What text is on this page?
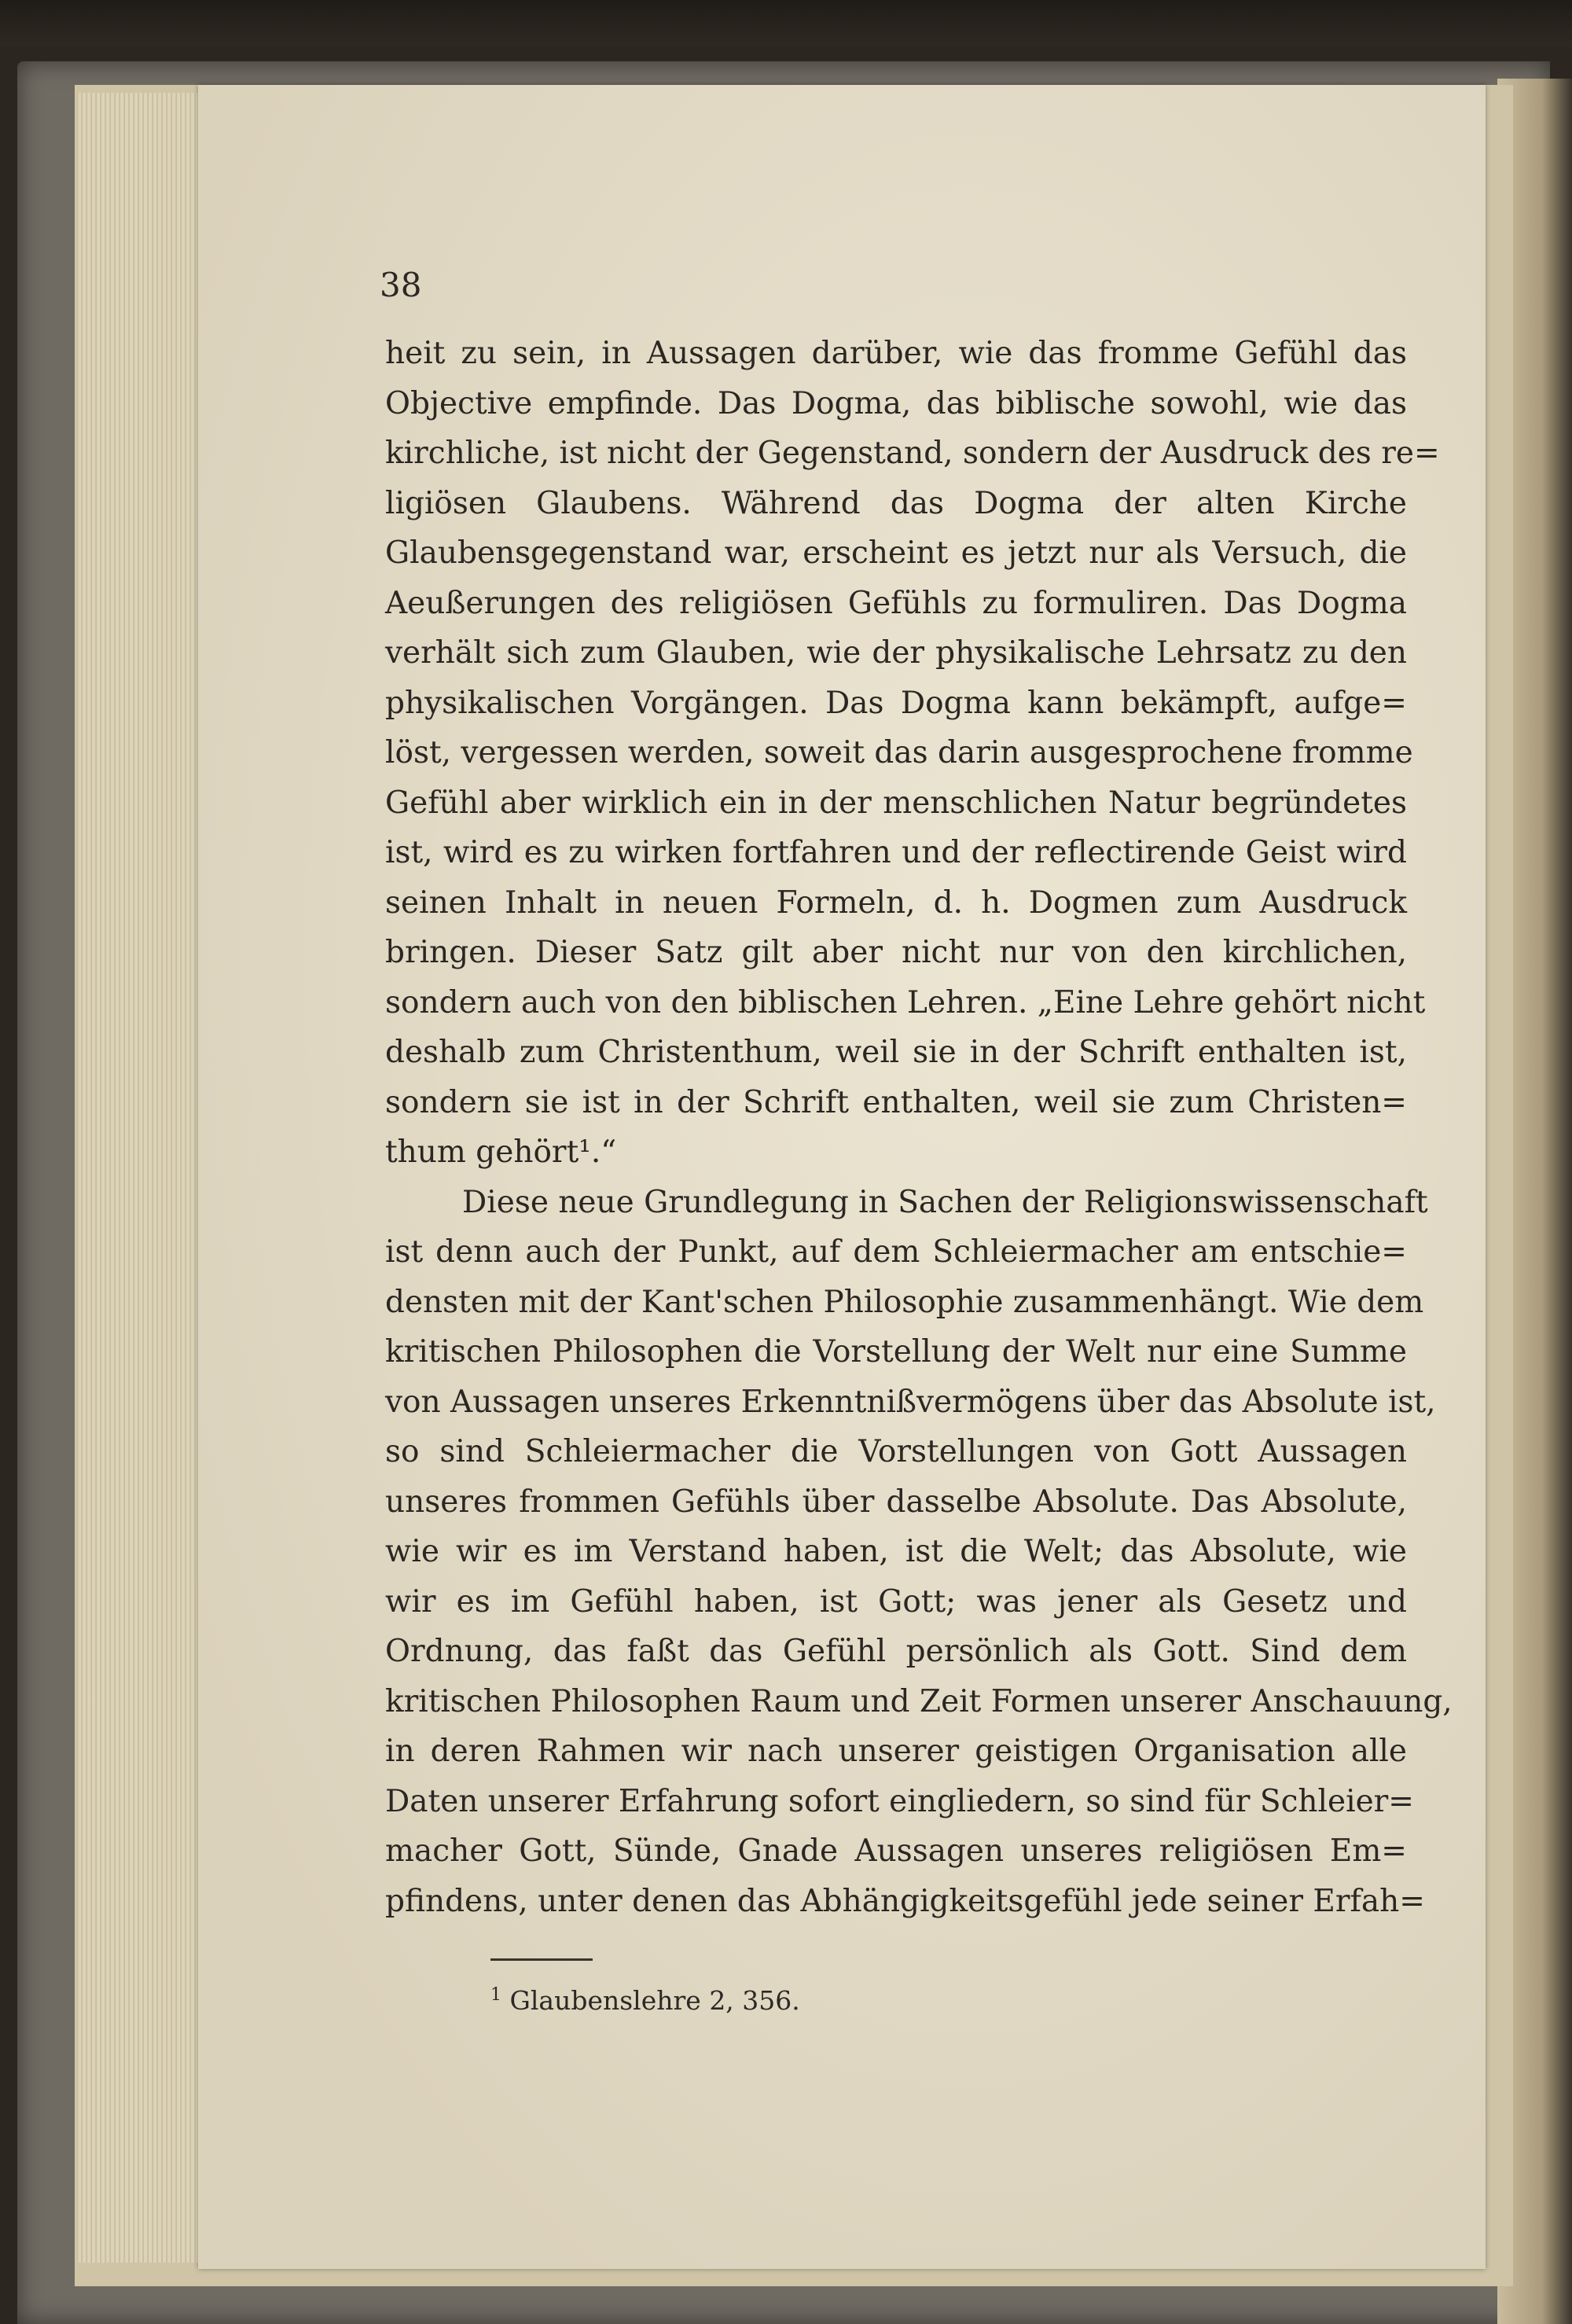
38
heit zu sein, in Aussagen darüber, wie das fromme Gefühl das
Objective empfinde. Das Dogma, das biblische sowohl, wie das
kirchliche, ist nicht der Gegenstand, sondern der Ausdruck des re=
ligiösen Glaubens. Während das Dogma der alten Kirche
Glaubensgegenstand war, erscheint es jetzt nur als Versuch, die
Aeußerungen des religiösen Gefühls zu formuliren. Das Dogma
verhält sich zum Glauben, wie der physikalische Lehrsatz zu den
physikalischen Vorgängen. Das Dogma kann bekämpft, aufge=
löst, vergessen werden, soweit das darin ausgesprochene fromme
Gefühl aber wirklich ein in der menschlichen Natur begründetes
ist, wird es zu wirken fortfahren und der reflectirende Geist wird
seinen Inhalt in neuen Formeln, d. h. Dogmen zum Ausdruck
bringen. Dieser Satz gilt aber nicht nur von den kirchlichen,
sondern auch von den biblischen Lehren. „Eine Lehre gehört nicht
deshalb zum Christenthum, weil sie in der Schrift enthalten ist,
sondern sie ist in der Schrift enthalten, weil sie zum Christen=
thum gehört¹.“
Diese neue Grundlegung in Sachen der Religionswissenschaft
ist denn auch der Punkt, auf dem Schleiermacher am entschie=
densten mit der Kant'schen Philosophie zusammenhängt. Wie dem
kritischen Philosophen die Vorstellung der Welt nur eine Summe
von Aussagen unseres Erkenntnißvermögens über das Absolute ist,
so sind Schleiermacher die Vorstellungen von Gott Aussagen
unseres frommen Gefühls über dasselbe Absolute. Das Absolute,
wie wir es im Verstand haben, ist die Welt; das Absolute, wie
wir es im Gefühl haben, ist Gott; was jener als Gesetz und
Ordnung, das faßt das Gefühl persönlich als Gott. Sind dem
kritischen Philosophen Raum und Zeit Formen unserer Anschauung,
in deren Rahmen wir nach unserer geistigen Organisation alle
Daten unserer Erfahrung sofort eingliedern, so sind für Schleier=
macher Gott, Sünde, Gnade Aussagen unseres religiösen Em=
pfindens, unter denen das Abhängigkeitsgefühl jede seiner Erfah=
$^1$ Glaubenslehre 2, 356.
